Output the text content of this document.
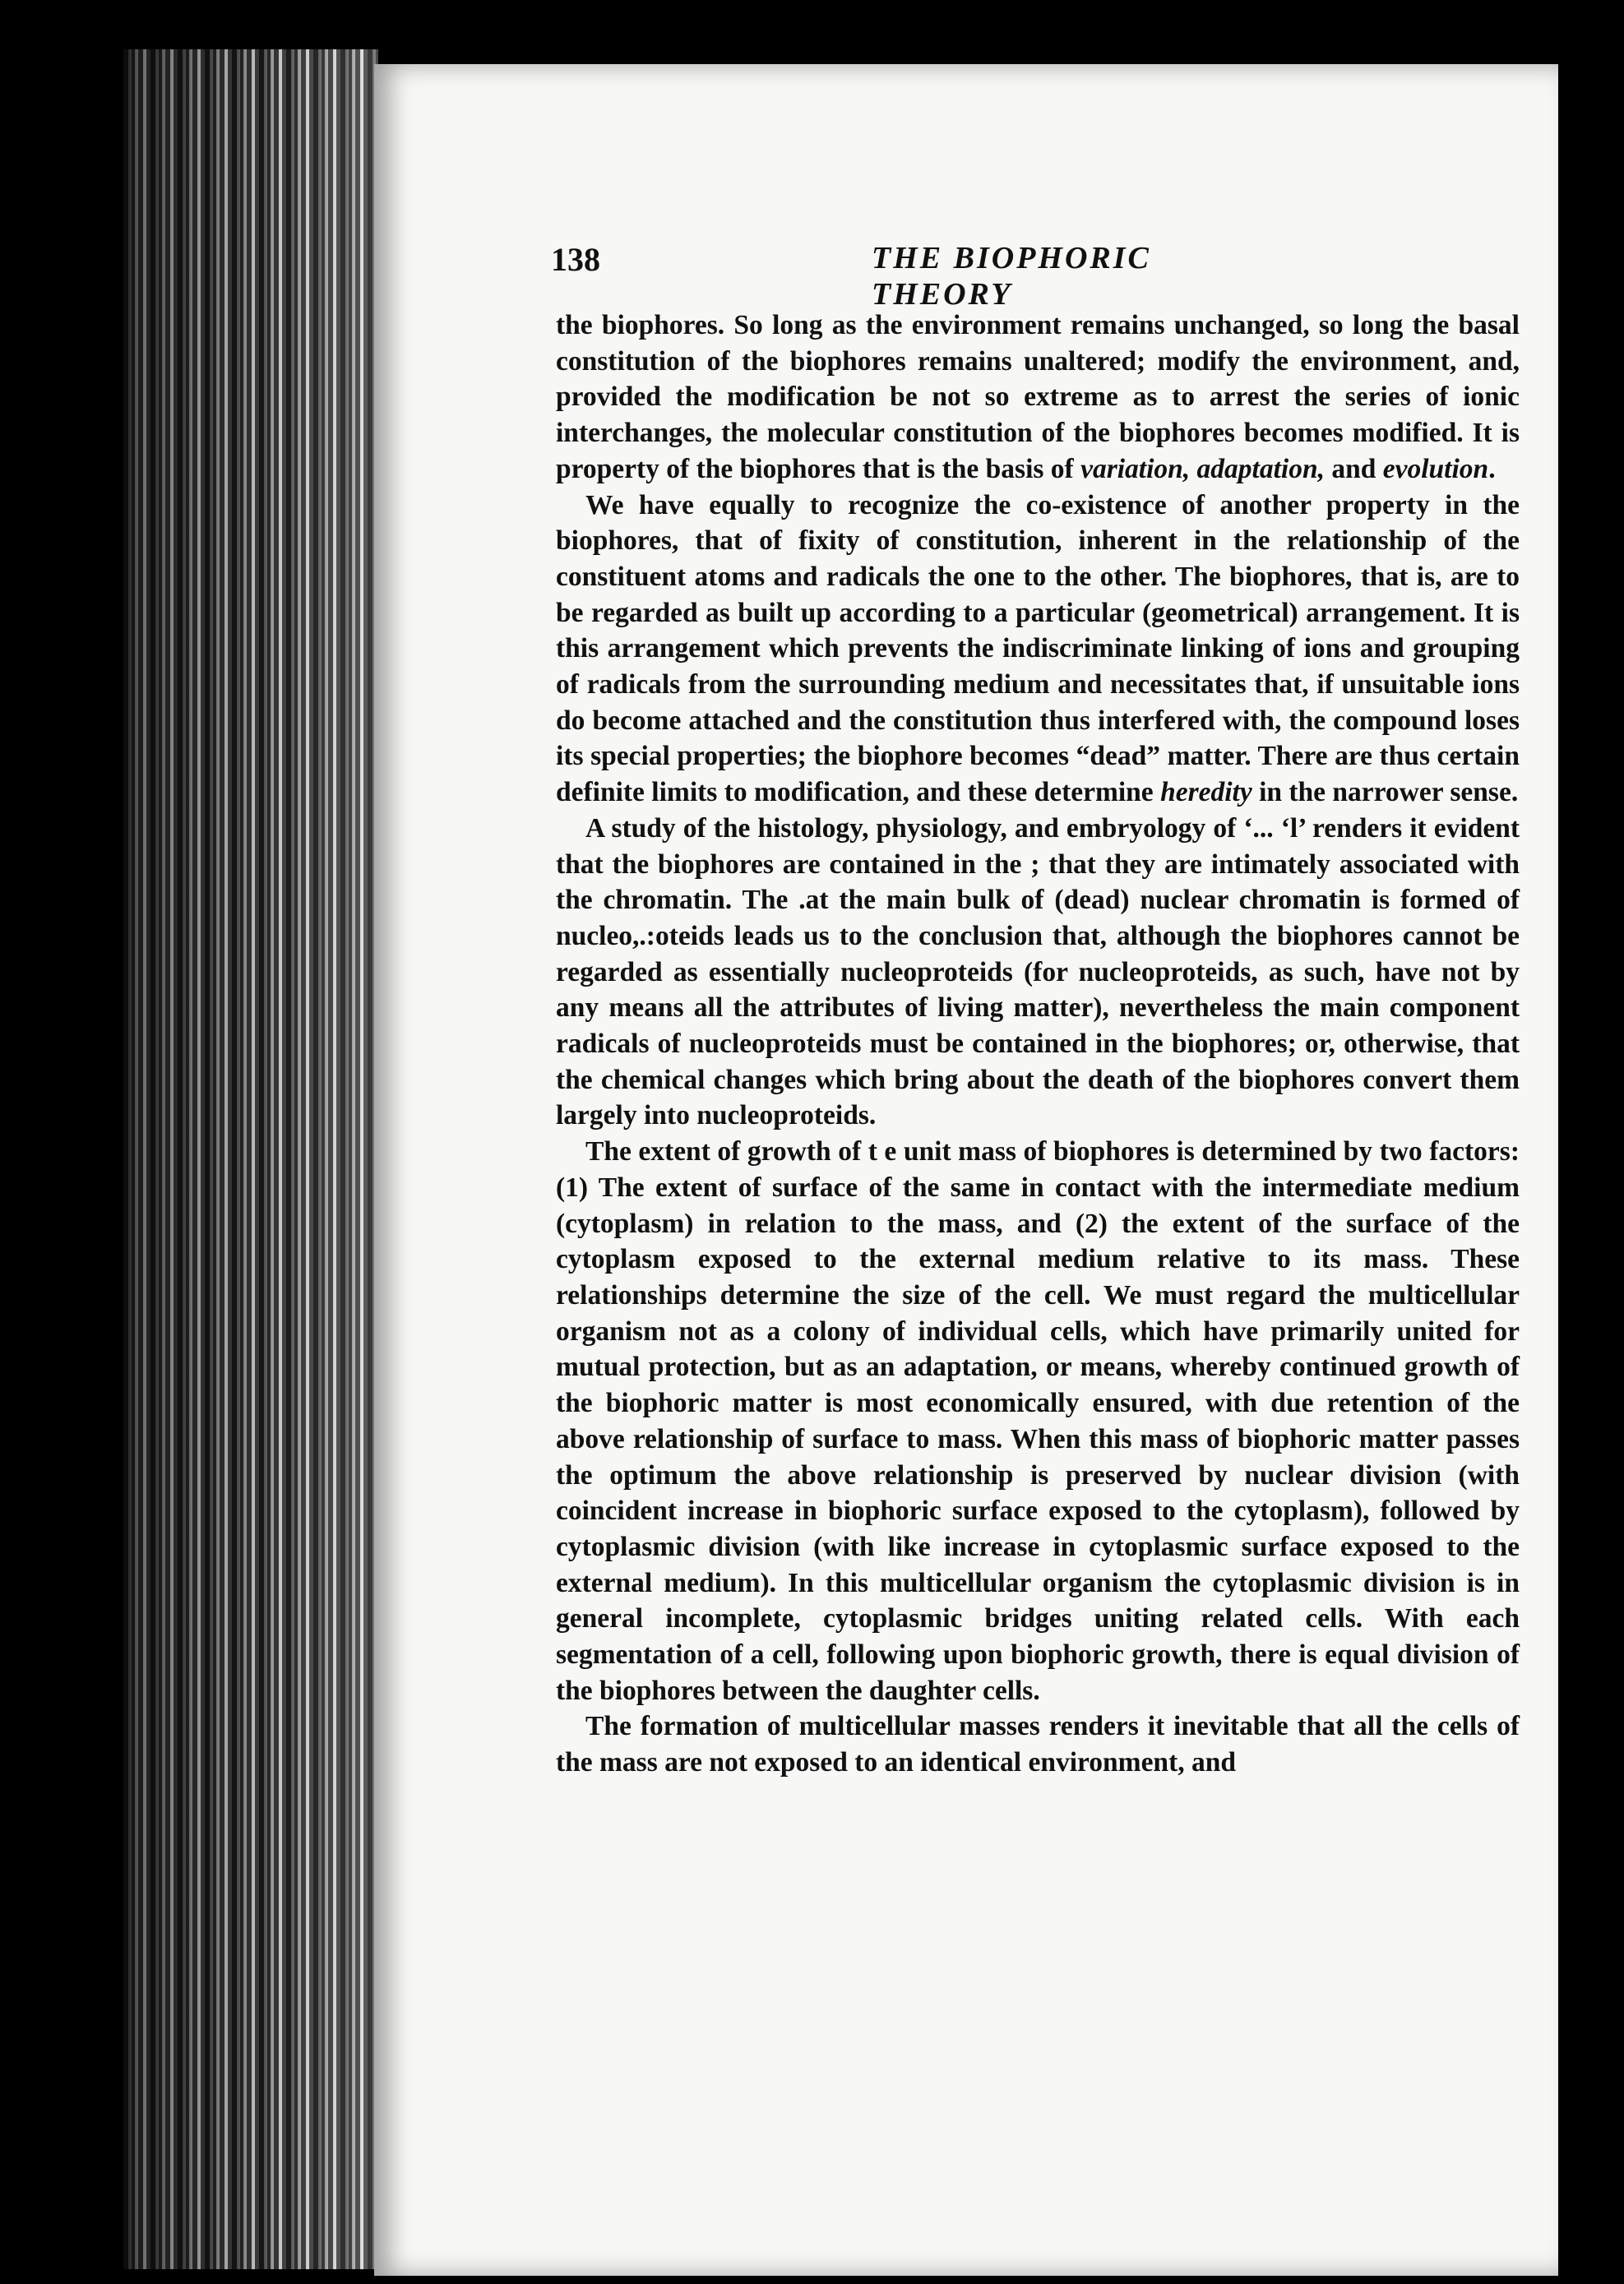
138	THE BIOPHORIC THEORY

the biophores. So long as the environment remains unchanged, so long the basal constitution of the biophores remains unaltered; modify the environment, and, provided the modification be not so extreme as to arrest the series of ionic interchanges, the molecular constitution of the biophores becomes modified. It is property of the biophores that is the basis of variation, adaptation, and evolution.

We have equally to recognize the co-existence of another property in the biophores, that of fixity of constitution, inherent in the relationship of the constituent atoms and radicals the one to the other. The biophores, that is, are to be regarded as built up according to a particular (geometrical) arrangement. It is this arrangement which prevents the indiscriminate linking of ions and grouping of radicals from the surrounding medium and necessitates that, if unsuitable ions do become attached and the constitution thus interfered with, the compound loses its special properties; the biophore becomes “dead” matter. There are thus certain definite limits to modification, and these determine heredity in the narrower sense.

A study of the histology, physiology, and embryology of ‘... ‘l’ renders it evident that the biophores are contained in the ; that they are intimately associated with the chromatin. The .at the main bulk of (dead) nuclear chromatin is formed of nucleo,.:oteids leads us to the conclusion that, although the biophores cannot be regarded as essentially nucleoproteids (for nucleoproteids, as such, have not by any means all the attributes of living matter), nevertheless the main component radicals of nucleoproteids must be contained in the biophores; or, otherwise, that the chemical changes which bring about the death of the biophores convert them largely into nucleoproteids.

The extent of growth of t e unit mass of biophores is determined by two factors: (1) The extent of surface of the same in contact with the intermediate medium (cytoplasm) in relation to the mass, and (2) the extent of the surface of the cytoplasm exposed to the external medium relative to its mass. These relationships determine the size of the cell. We must regard the multicellular organism not as a colony of individual cells, which have primarily united for mutual protection, but as an adaptation, or means, whereby continued growth of the biophoric matter is most economically ensured, with due retention of the above relationship of surface to mass. When this mass of biophoric matter passes the optimum the above relationship is preserved by nuclear division (with coincident increase in biophoric surface exposed to the cytoplasm), followed by cytoplasmic division (with like increase in cytoplasmic surface exposed to the external medium). In this multicellular organism the cytoplasmic division is in general incomplete, cytoplasmic bridges uniting related cells. With each segmentation of a cell, following upon biophoric growth, there is equal division of the biophores between the daughter cells.

The formation of multicellular masses renders it inevitable that all the cells of the mass are not exposed to an identical environment, and
